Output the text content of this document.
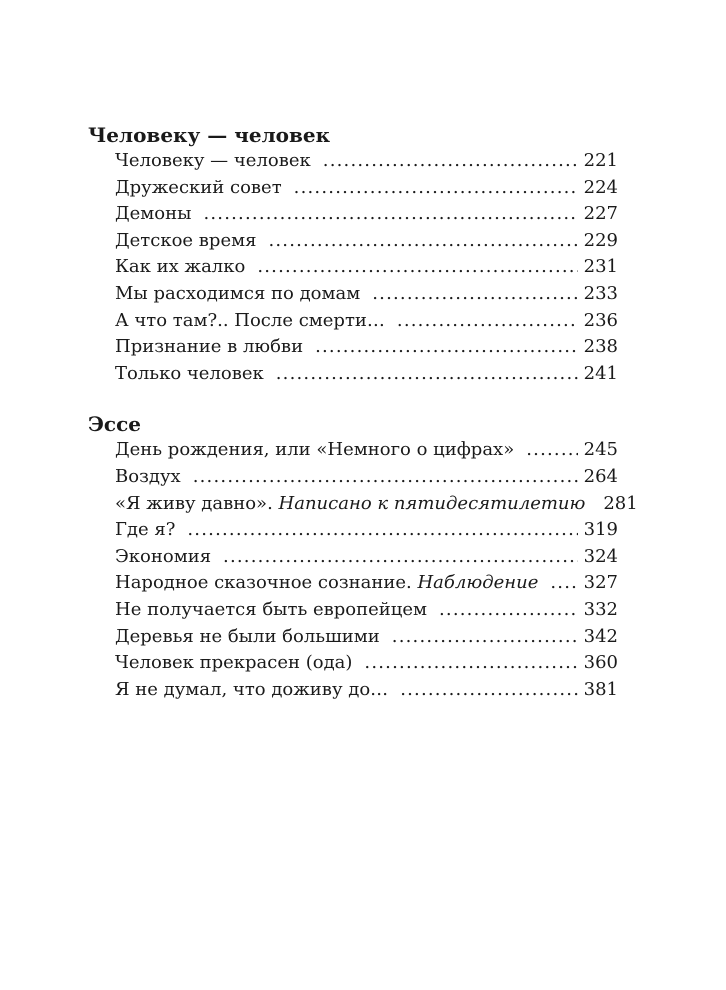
Человеку — человек
Человеку — человек .....	221
Дружеский совет .....	224
Демоны .....	227
Детское время .....	229
Как их жалко .....	231
Мы расходимся по домам .....	233
А что там?.. После смерти… .....	236
Признание в любви .....	238
Только человек .....	241
Эссе
День рождения, или «Немного о цифрах» .....	245
Воздух .....	264
«Я живу давно». Написано к пятидесятилетию	281
Где я? .....	319
Экономия .....	324
Народное сказочное сознание. Наблюдение .....	327
Не получается быть европейцем .....	332
Деревья не были большими .....	342
Человек прекрасен (ода) .....	360
Я не думал, что доживу до… .....	381
